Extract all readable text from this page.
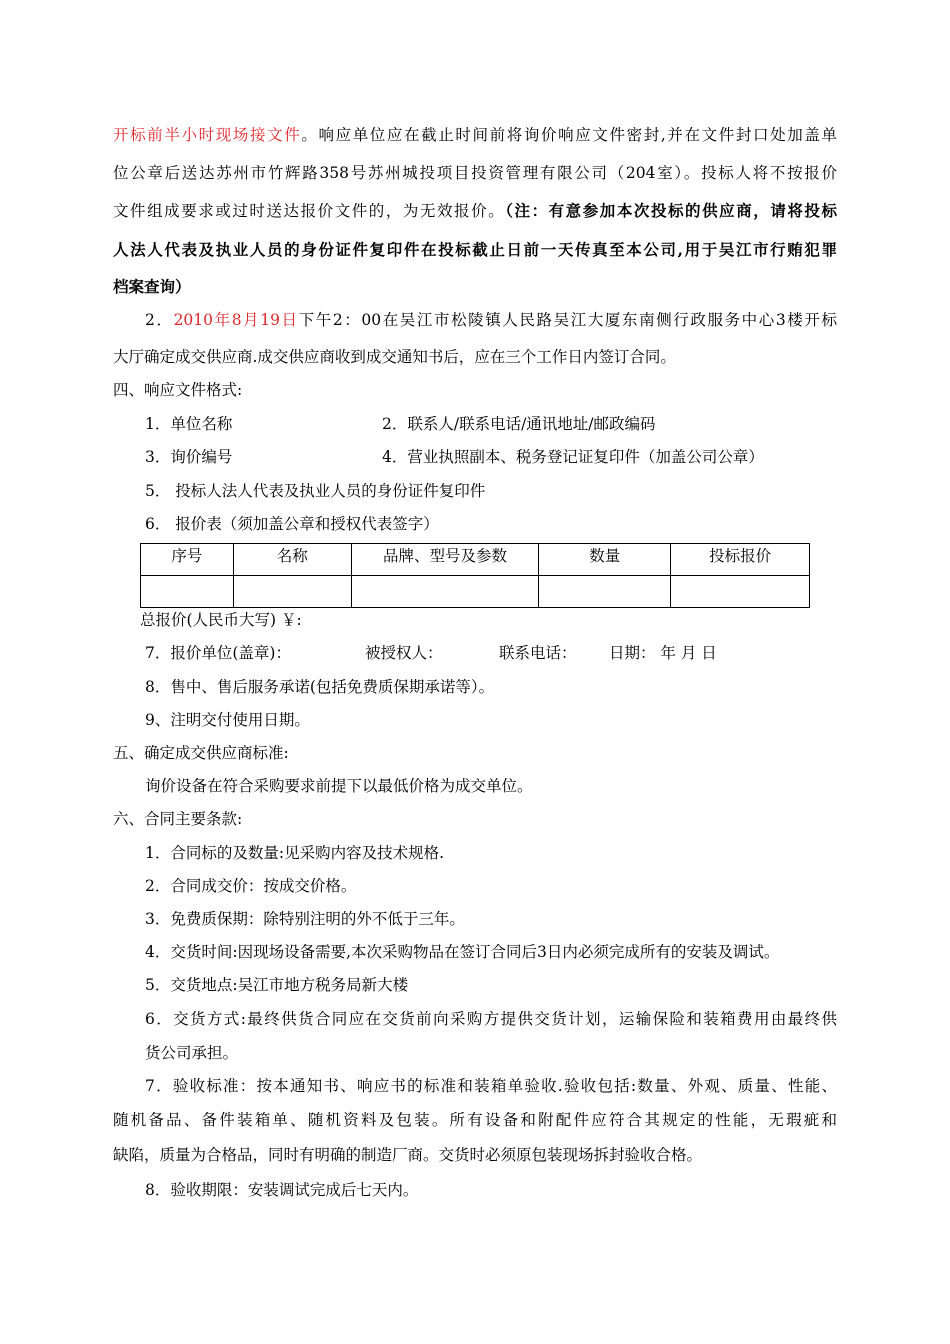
开标前半小时现场接文件。响应单位应在截止时间前将询价响应文件密封,并在文件封口处加盖单
位公章后送达苏州市竹辉路358号苏州城投项目投资管理有限公司（204室）。投标人将不按报价
文件组成要求或过时送达报价文件的，为无效报价。（注：有意参加本次投标的供应商，请将投标
人法人代表及执业人员的身份证件复印件在投标截止日前一天传真至本公司,用于吴江市行贿犯罪
档案查询）
2．2010年8月19日下午2：00在吴江市松陵镇人民路吴江大厦东南侧行政服务中心3楼开标
大厅确定成交供应商.成交供应商收到成交通知书后，应在三个工作日内签订合同。
四、响应文件格式:
1．单位名称	2．联系人/联系电话/通讯地址/邮政编码
3．询价编号	4．营业执照副本、税务登记证复印件（加盖公司公章）
5． 投标人法人代表及执业人员的身份证件复印件
6． 报价表（须加盖公章和授权代表签字）
序号	名称	品牌、型号及参数	数量	投标报价

总报价(人民币大写) ￥:
7．报价单位(盖章)：	被授权人：	联系电话： 日期： 年 月 日
8．售中、售后服务承诺(包括免费质保期承诺等）。
9、注明交付使用日期。
五、确定成交供应商标准:
询价设备在符合采购要求前提下以最低价格为成交单位。
六、合同主要条款:
1．合同标的及数量:见采购内容及技术规格.
2．合同成交价：按成交价格。
3．免费质保期：除特别注明的外不低于三年。
4．交货时间:因现场设备需要,本次采购物品在签订合同后3日内必须完成所有的安装及调试。
5．交货地点:吴江市地方税务局新大楼
6．交货方式:最终供货合同应在交货前向采购方提供交货计划，运输保险和装箱费用由最终供
货公司承担。
7．验收标准：按本通知书、响应书的标准和装箱单验收.验收包括:数量、外观、质量、性能、
随机备品、备件装箱单、随机资料及包装。所有设备和附配件应符合其规定的性能，无瑕疵和
缺陷，质量为合格品，同时有明确的制造厂商。交货时必须原包装现场拆封验收合格。
8．验收期限：安装调试完成后七天内。
